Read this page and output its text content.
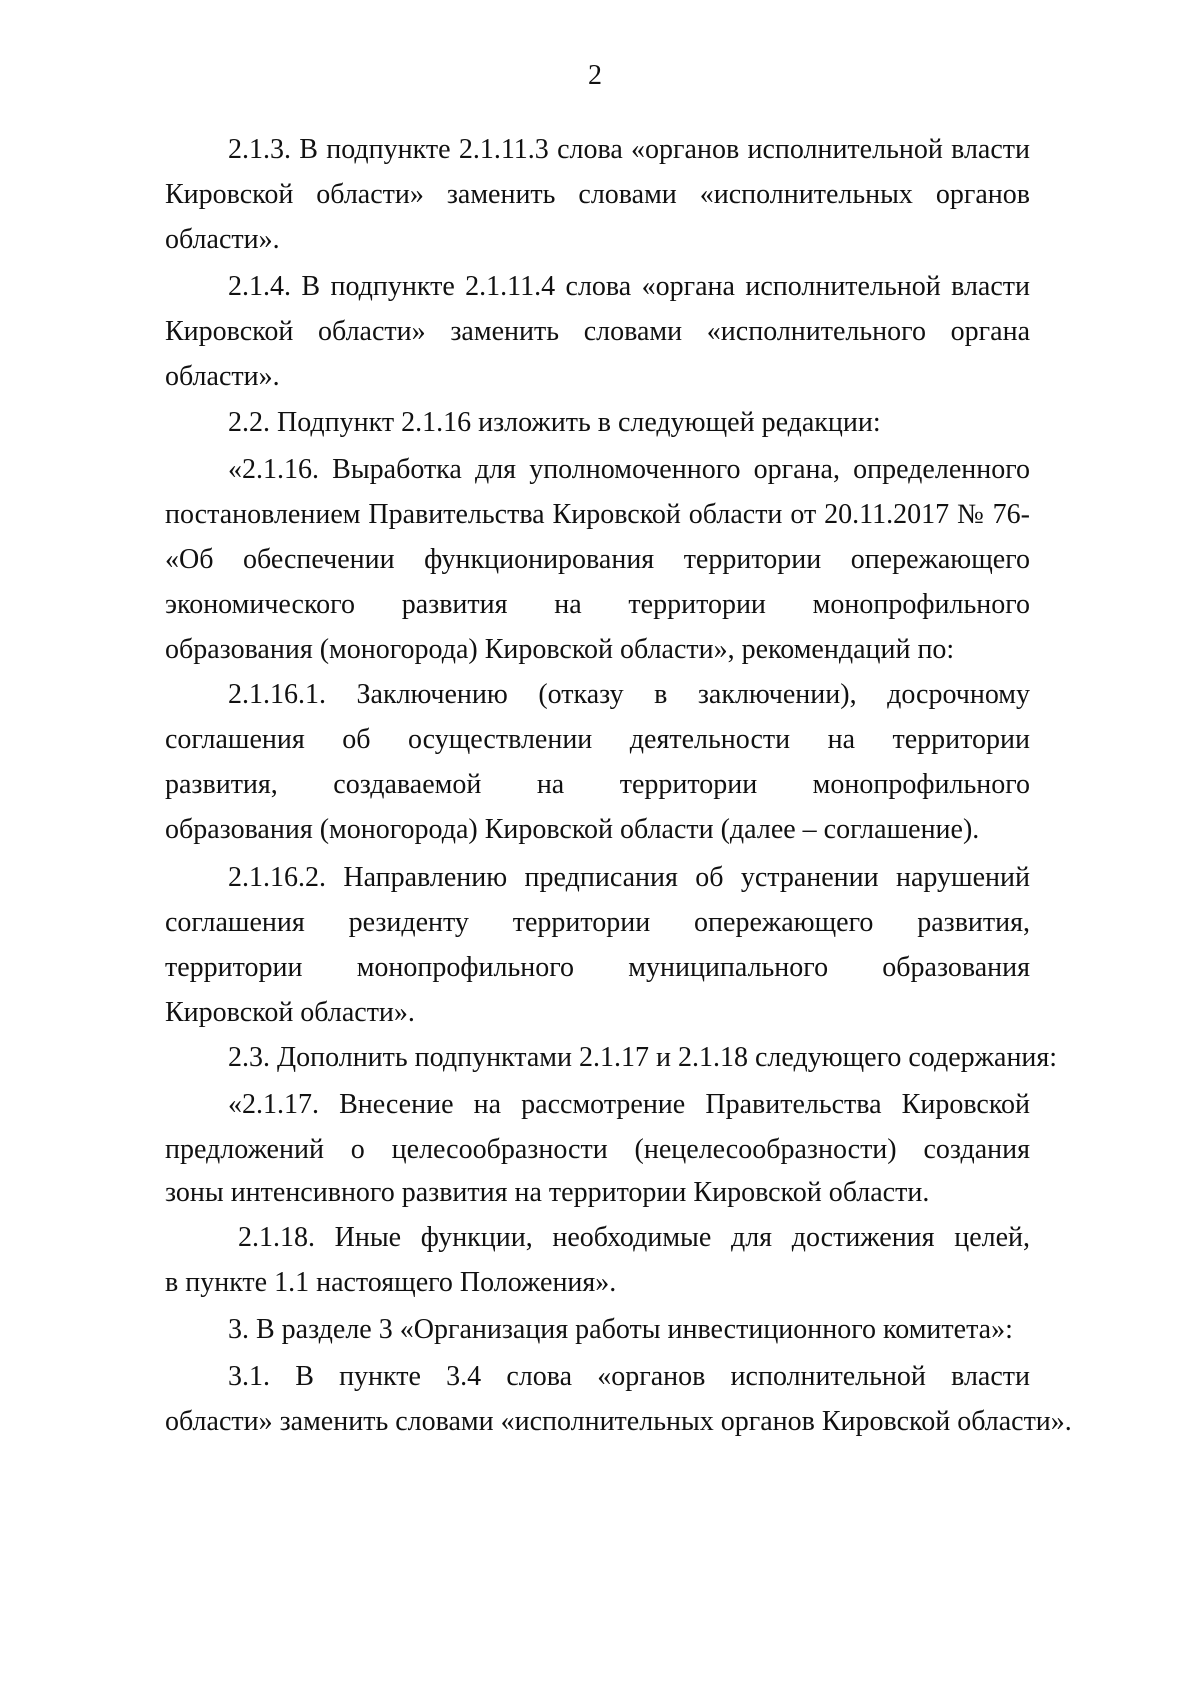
2
2.1.3. В подпункте 2.1.11.3 слова «органов исполнительной власти
Кировской области» заменить словами «исполнительных органов
области».
2.1.4. В подпункте 2.1.11.4 слова «органа исполнительной власти
Кировской области» заменить словами «исполнительного органа
области».
2.2. Подпункт 2.1.16 изложить в следующей редакции:
«2.1.16. Выработка для уполномоченного органа, определенного
постановлением Правительства Кировской области от 20.11.2017 № 76-
«Об обеспечении функционирования территории опережающего
экономического развития на территории монопрофильного
образования (моногорода) Кировской области», рекомендаций по:
2.1.16.1. Заключению (отказу в заключении), досрочному
соглашения об осуществлении деятельности на территории
развития, создаваемой на территории монопрофильного
образования (моногорода) Кировской области (далее – соглашение).
2.1.16.2. Направлению предписания об устранении нарушений
соглашения резиденту территории опережающего развития,
территории монопрофильного муниципального образования
Кировской области».
2.3. Дополнить подпунктами 2.1.17 и 2.1.18 следующего содержания:
«2.1.17. Внесение на рассмотрение Правительства Кировской
предложений о целесообразности (нецелесообразности) создания
зоны интенсивного развития на территории Кировской области.
2.1.18. Иные функции, необходимые для достижения целей,
в пункте 1.1 настоящего Положения».
3. В разделе 3 «Организация работы инвестиционного комитета»:
3.1. В пункте 3.4 слова «органов исполнительной власти
области» заменить словами «исполнительных органов Кировской области».
